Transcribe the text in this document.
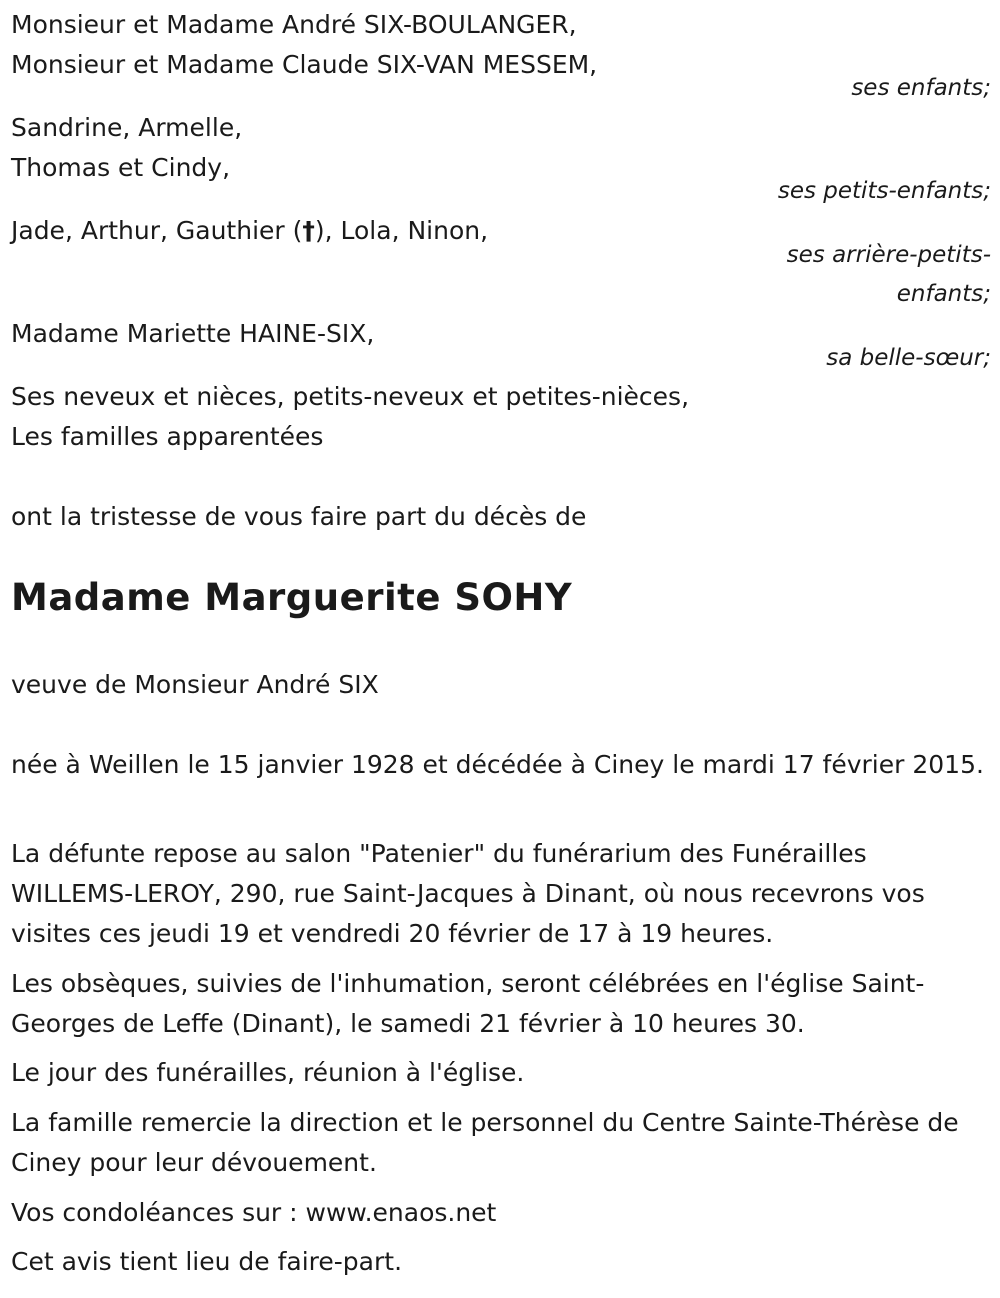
Monsieur et Madame André SIX-BOULANGER,
Monsieur et Madame Claude SIX-VAN MESSEM,
ses enfants;
Sandrine, Armelle,
Thomas et Cindy,
ses petits-enfants;
Jade, Arthur, Gauthier (†), Lola, Ninon,
ses arrière-petits-
enfants;
Madame Mariette HAINE-SIX,
sa belle-sœur;
Ses neveux et nièces, petits-neveux et petites-nièces,
Les familles apparentées
ont la tristesse de vous faire part du décès de
Madame Marguerite SOHY
veuve de Monsieur André SIX
née à Weillen le 15 janvier 1928 et décédée à Ciney le mardi 17 février 2015.
La défunte repose au salon "Patenier" du funérarium des Funérailles WILLEMS-LEROY, 290, rue Saint-Jacques à Dinant, où nous recevrons vos visites ces jeudi 19 et vendredi 20 février de 17 à 19 heures.
Les obsèques, suivies de l'inhumation, seront célébrées en l'église Saint-Georges de Leffe (Dinant), le samedi 21 février à 10 heures 30.
Le jour des funérailles, réunion à l'église.
La famille remercie la direction et le personnel du Centre Sainte-Thérèse de Ciney pour leur dévouement.
Vos condoléances sur : www.enaos.net
Cet avis tient lieu de faire-part.
